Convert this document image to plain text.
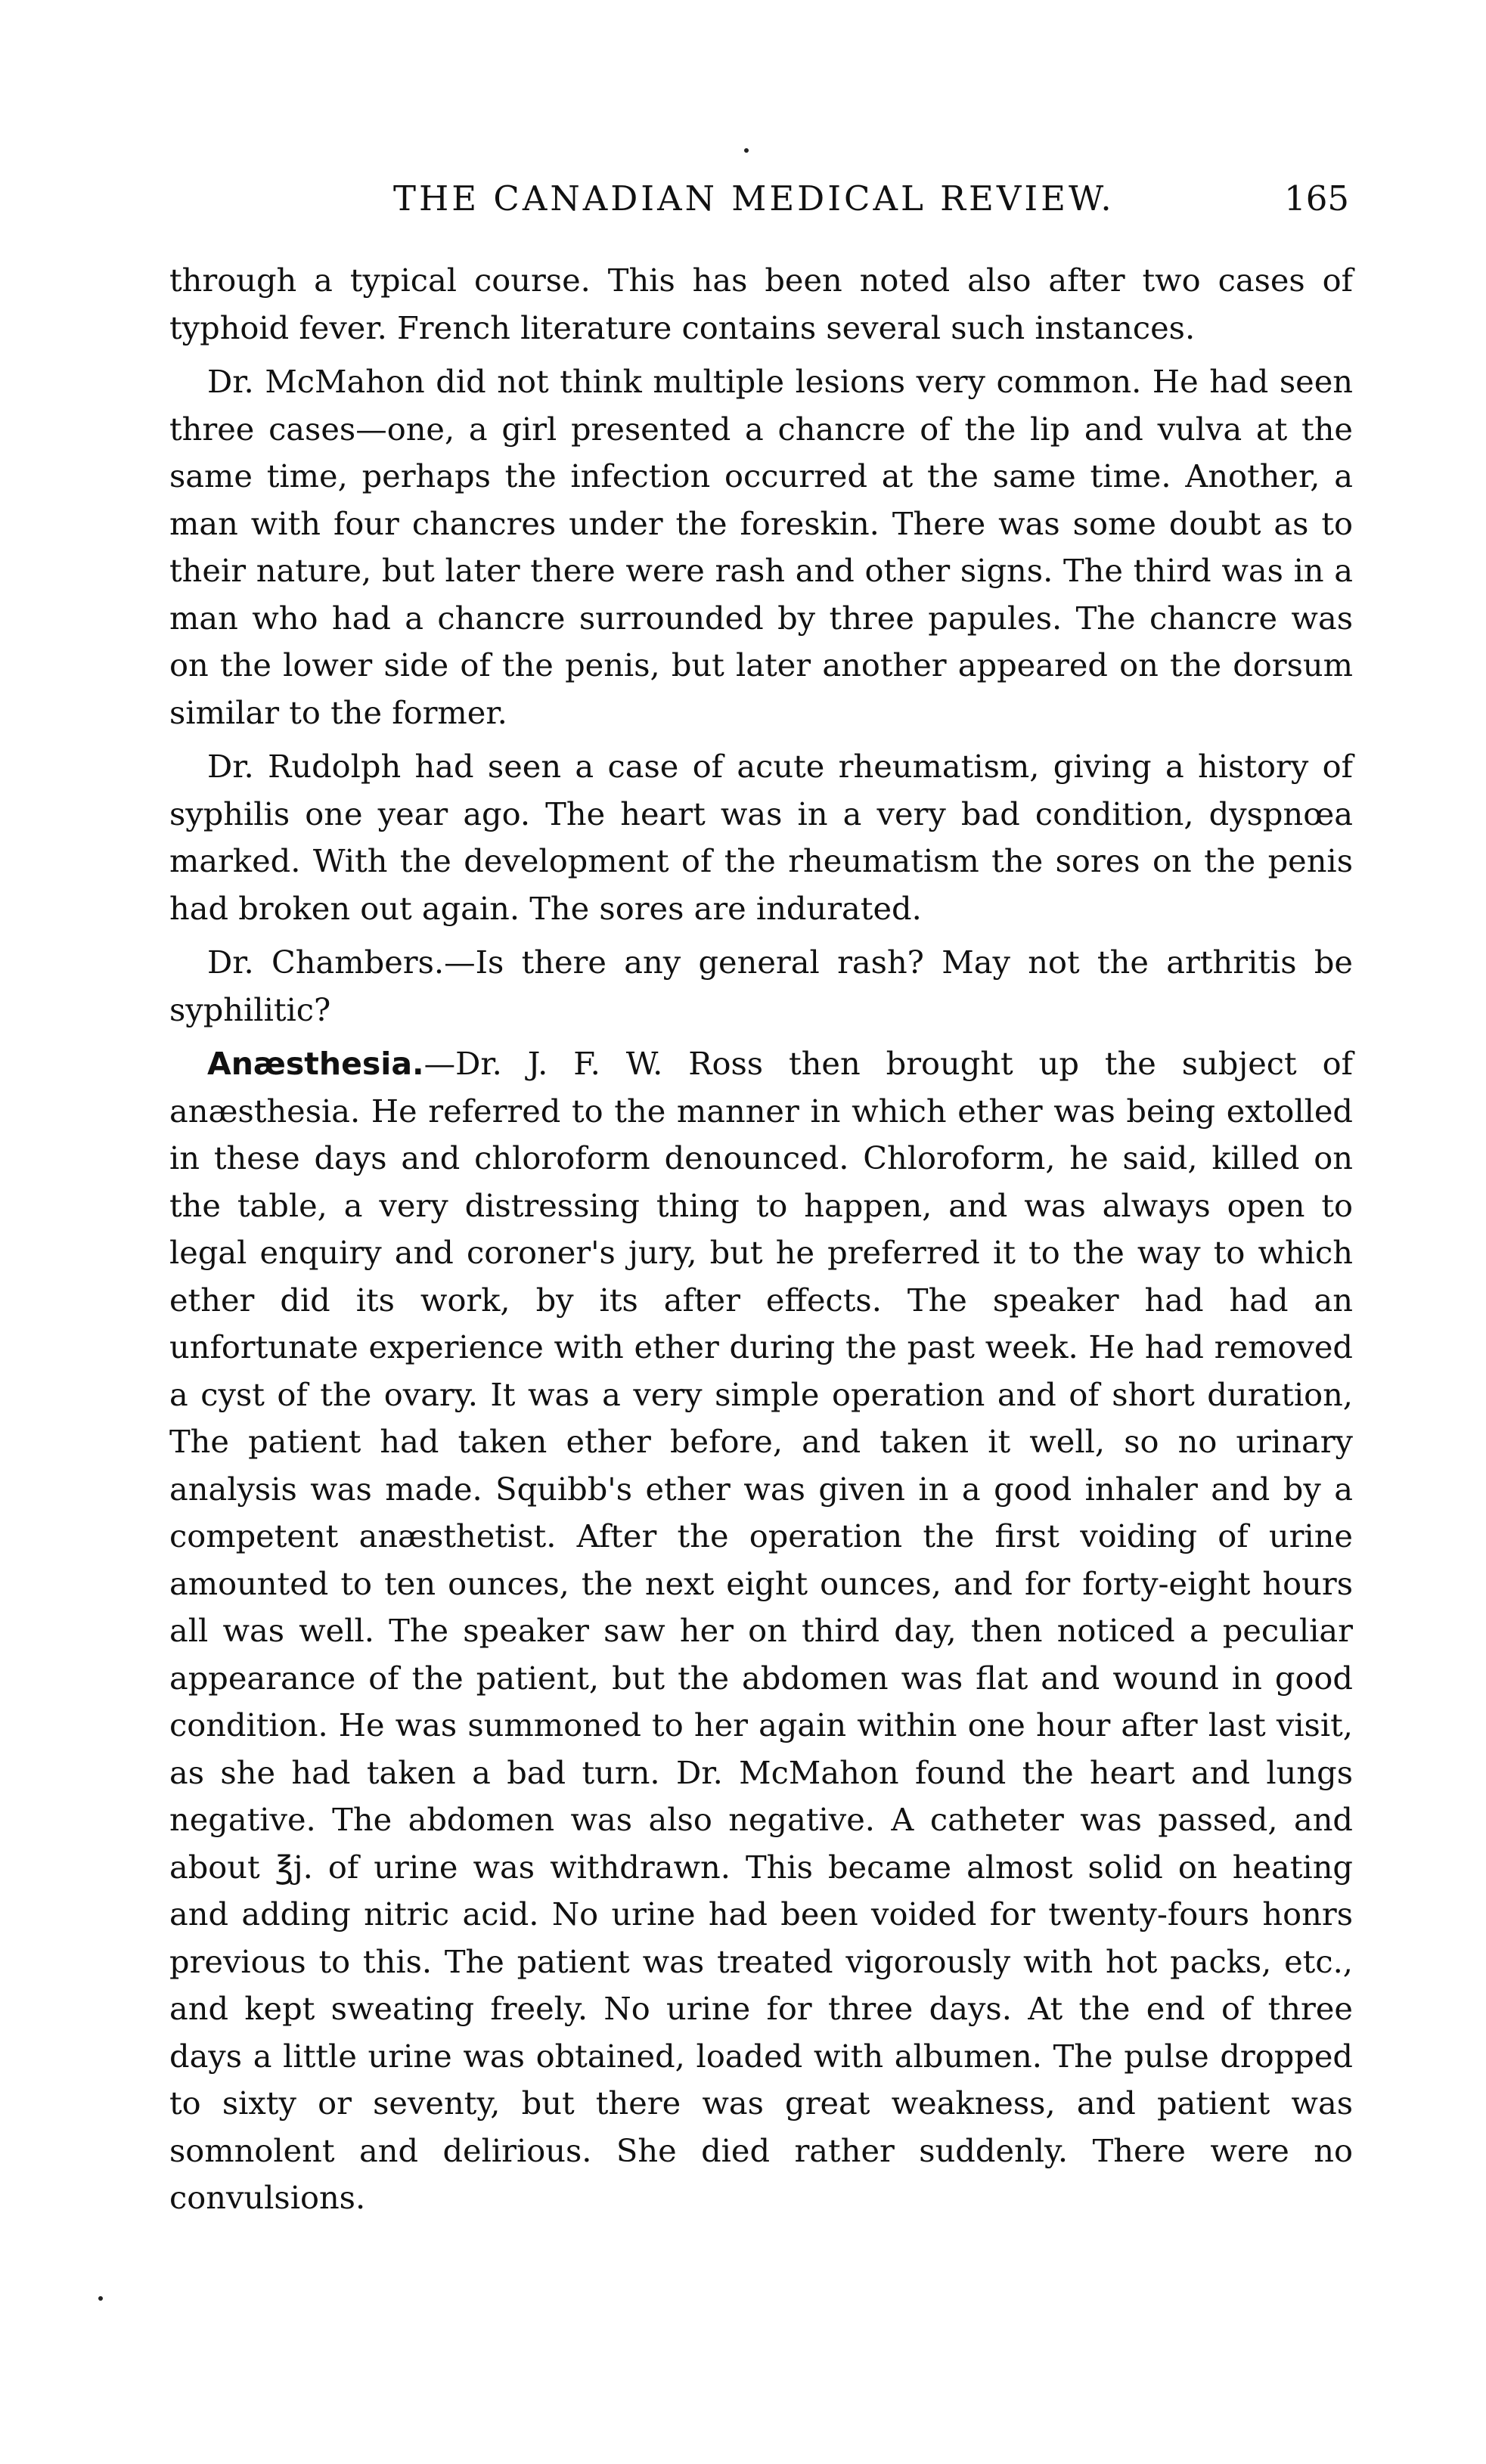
THE CANADIAN MEDICAL REVIEW.	165

through a typical course. This has been noted also after two cases of typhoid fever. French literature contains several such instances.

Dr. McMahon did not think multiple lesions very common. He had seen three cases—one, a girl presented a chancre of the lip and vulva at the same time, perhaps the infection occurred at the same time. Another, a man with four chancres under the foreskin. There was some doubt as to their nature, but later there were rash and other signs. The third was in a man who had a chancre surrounded by three papules. The chancre was on the lower side of the penis, but later another appeared on the dorsum similar to the former.

Dr. Rudolph had seen a case of acute rheumatism, giving a history of syphilis one year ago. The heart was in a very bad condition, dyspnœa marked. With the development of the rheumatism the sores on the penis had broken out again. The sores are indurated.

Dr. Chambers.—Is there any general rash? May not the arthritis be syphilitic?

Anæsthesia.—Dr. J. F. W. Ross then brought up the subject of anæsthesia. He referred to the manner in which ether was being extolled in these days and chloroform denounced. Chloroform, he said, killed on the table, a very distressing thing to happen, and was always open to legal enquiry and coroner's jury, but he preferred it to the way to which ether did its work, by its after effects. The speaker had had an unfortunate experience with ether during the past week. He had removed a cyst of the ovary. It was a very simple operation and of short duration, The patient had taken ether before, and taken it well, so no urinary analysis was made. Squibb's ether was given in a good inhaler and by a competent anæsthetist. After the operation the first voiding of urine amounted to ten ounces, the next eight ounces, and for forty-eight hours all was well. The speaker saw her on third day, then noticed a peculiar appearance of the patient, but the abdomen was flat and wound in good condition. He was summoned to her again within one hour after last visit, as she had taken a bad turn. Dr. McMahon found the heart and lungs negative. The abdomen was also negative. A catheter was passed, and about ℥j. of urine was withdrawn. This became almost solid on heating and adding nitric acid. No urine had been voided for twenty-fours honrs previous to this. The patient was treated vigorously with hot packs, etc., and kept sweating freely. No urine for three days. At the end of three days a little urine was obtained, loaded with albumen. The pulse dropped to sixty or seventy, but there was great weakness, and patient was somnolent and delirious. She died rather suddenly. There were no convulsions.
